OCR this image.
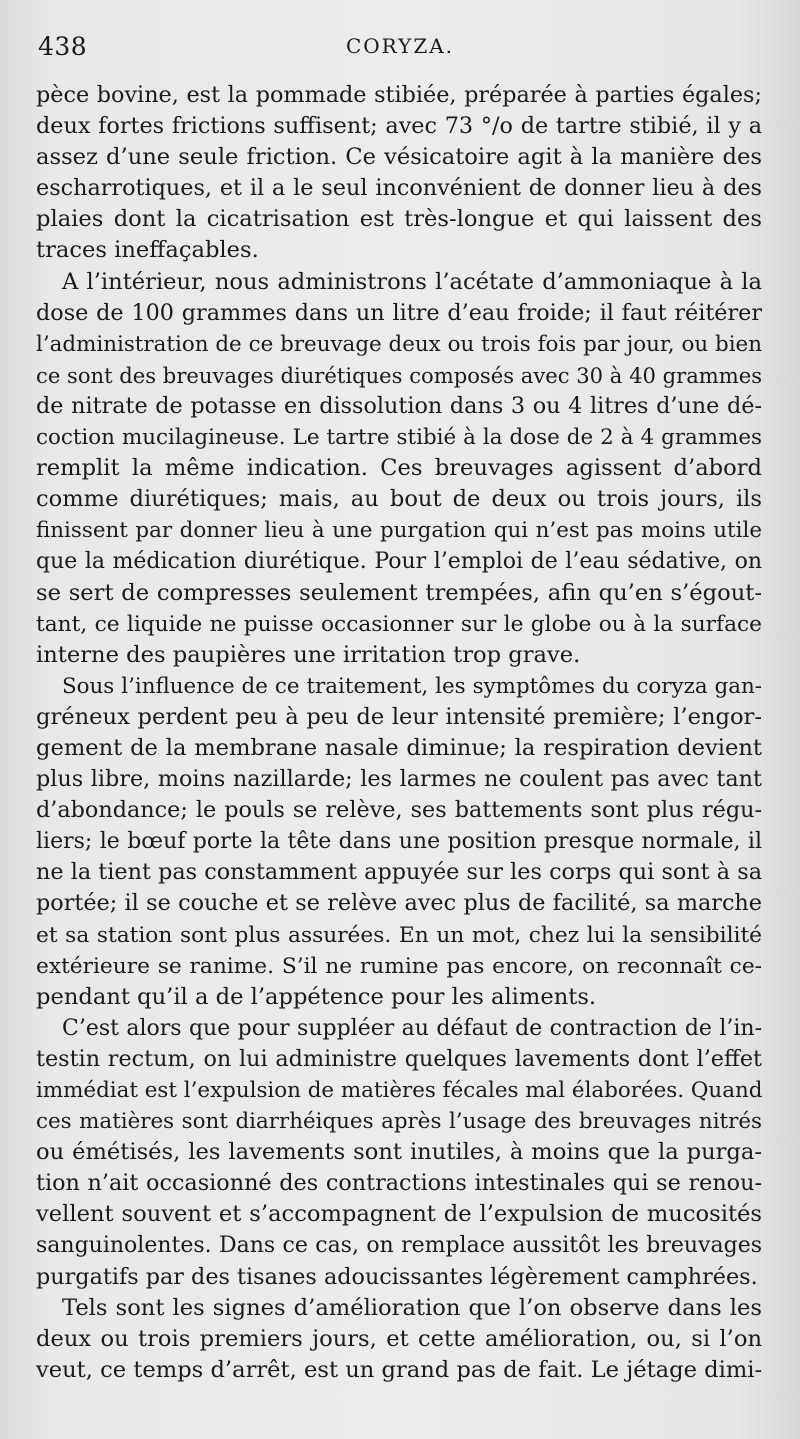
438	CORYZA.
pèce bovine, est la pommade stibiée, préparée à parties égales;
deux fortes frictions suffisent; avec 73 °/o de tartre stibié, il y a
assez d’une seule friction. Ce vésicatoire agit à la manière des
escharrotiques, et il a le seul inconvénient de donner lieu à des
plaies dont la cicatrisation est très-longue et qui laissent des
traces ineffaçables.
A l’intérieur, nous administrons l’acétate d’ammoniaque à la
dose de 100 grammes dans un litre d’eau froide; il faut réitérer
l’administration de ce breuvage deux ou trois fois par jour, ou bien
ce sont des breuvages diurétiques composés avec 30 à 40 grammes
de nitrate de potasse en dissolution dans 3 ou 4 litres d’une dé-
coction mucilagineuse. Le tartre stibié à la dose de 2 à 4 grammes
remplit la même indication. Ces breuvages agissent d’abord
comme diurétiques; mais, au bout de deux ou trois jours, ils
finissent par donner lieu à une purgation qui n’est pas moins utile
que la médication diurétique. Pour l’emploi de l’eau sédative, on
se sert de compresses seulement trempées, afin qu’en s’égout-
tant, ce liquide ne puisse occasionner sur le globe ou à la surface
interne des paupières une irritation trop grave.
Sous l’influence de ce traitement, les symptômes du coryza gan-
gréneux perdent peu à peu de leur intensité première; l’engor-
gement de la membrane nasale diminue; la respiration devient
plus libre, moins nazillarde; les larmes ne coulent pas avec tant
d’abondance; le pouls se relève, ses battements sont plus régu-
liers; le bœuf porte la tête dans une position presque normale, il
ne la tient pas constamment appuyée sur les corps qui sont à sa
portée; il se couche et se relève avec plus de facilité, sa marche
et sa station sont plus assurées. En un mot, chez lui la sensibilité
extérieure se ranime. S’il ne rumine pas encore, on reconnaît ce-
pendant qu’il a de l’appétence pour les aliments.
C’est alors que pour suppléer au défaut de contraction de l’in-
testin rectum, on lui administre quelques lavements dont l’effet
immédiat est l’expulsion de matières fécales mal élaborées. Quand
ces matières sont diarrhéiques après l’usage des breuvages nitrés
ou émétisés, les lavements sont inutiles, à moins que la purga-
tion n’ait occasionné des contractions intestinales qui se renou-
vellent souvent et s’accompagnent de l’expulsion de mucosités
sanguinolentes. Dans ce cas, on remplace aussitôt les breuvages
purgatifs par des tisanes adoucissantes légèrement camphrées.
Tels sont les signes d’amélioration que l’on observe dans les
deux ou trois premiers jours, et cette amélioration, ou, si l’on
veut, ce temps d’arrêt, est un grand pas de fait. Le jétage dimi-
